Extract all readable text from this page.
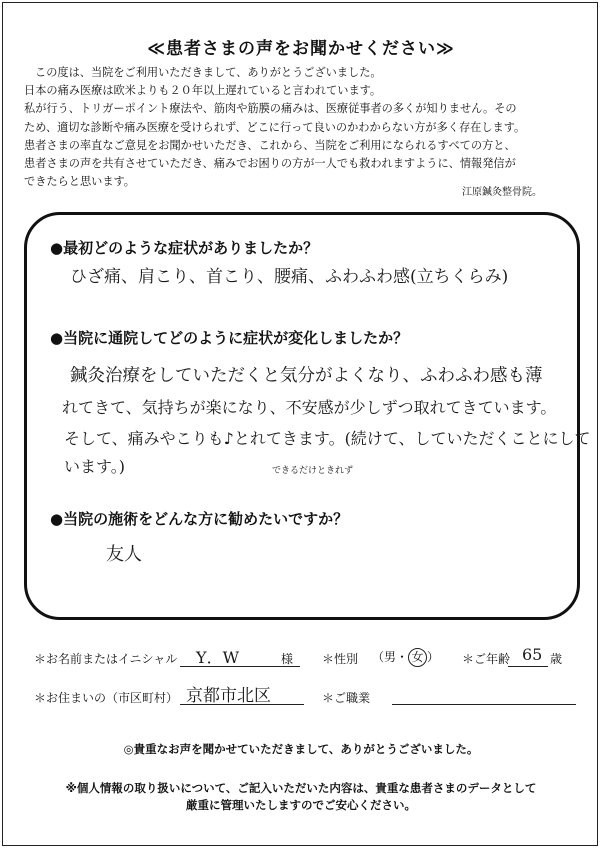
≪患者さまの声をお聞かせください≫

この度は、当院をご利用いただきまして、ありがとうございました。

日本の痛み医療は欧米よりも２０年以上遅れていると言われています。

私が行う、トリガーポイント療法や、筋肉や筋膜の痛みは、医療従事者の多くが知りません。その

ため、適切な診断や痛み医療を受けられず、どこに行って良いのかわからない方が多く存在します。

患者さまの率直なご意見をお聞かせいただき、これから、当院をご利用になられるすべての方と、

患者さまの声を共有させていただき、痛みでお困りの方が一人でも救われますように、情報発信が

できたらと思います。

江原鍼灸整骨院。
●最初どのような症状がありましたか？
ひざ痛、肩こり、首こり、腰痛、ふわふわ感(立ちくらみ)
●当院に通院してどのように症状が変化しましたか？
鍼灸治療をしていただくと気分がよくなり、ふわふわ感も薄
れてきて、気持ちが楽になり、不安感が少しずつ取れてきています。
そして、痛みやこりも♪とれてきます。(続けて、していただくことにして
います。)	できるだけときれず
●当院の施術をどんな方に勧めたいですか？
友人
＊お名前またはイニシャル Y．W	様 ＊性別 （男・ 女 ） ＊ご年齢 65 歳
＊お住まいの（市区町村） 京都市北区	＊ご職業
◎貴重なお声を聞かせていただきまして、ありがとうございました。
※個人情報の取り扱いについて、ご記入いただいた内容は、貴重な患者さまのデータとして
厳重に管理いたしますのでご安心ください。
